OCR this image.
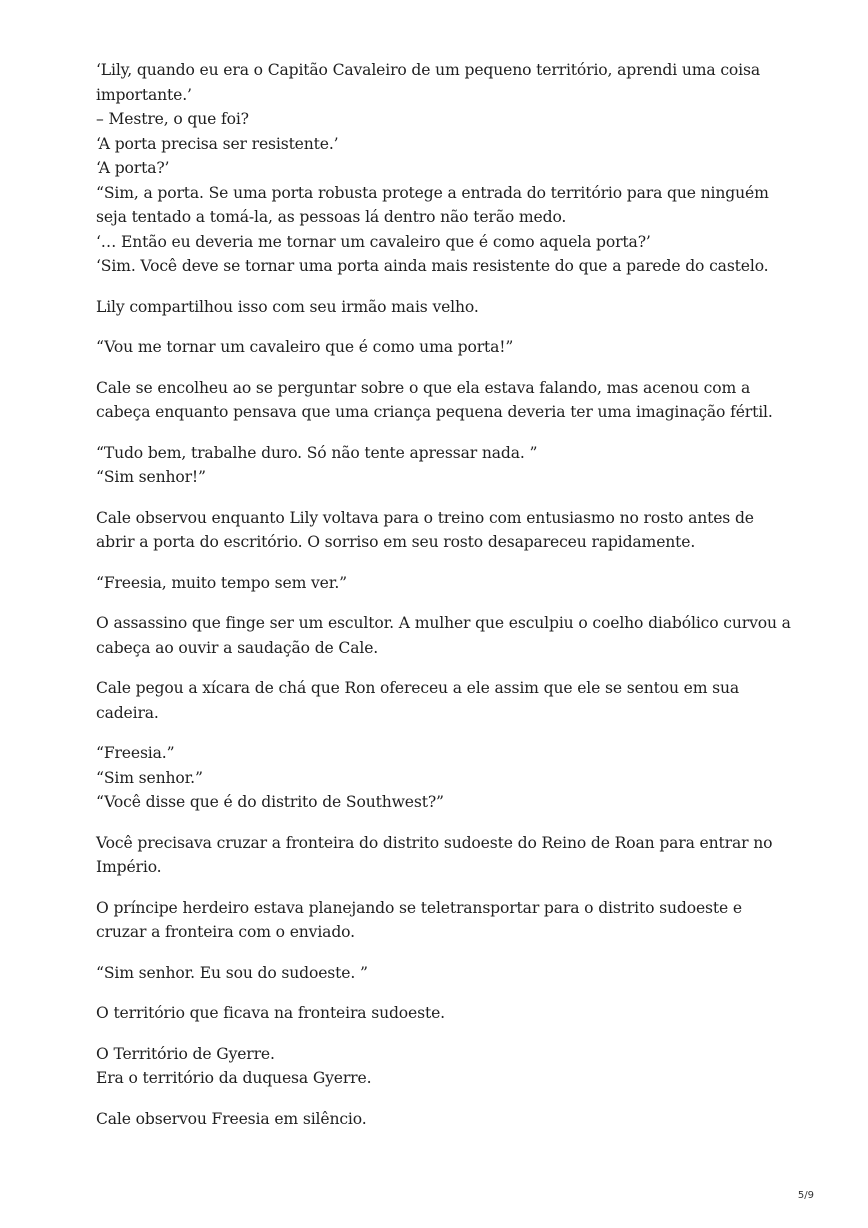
‘Lily, quando eu era o Capitão Cavaleiro de um pequeno território, aprendi uma coisa
importante.’
– Mestre, o que foi?
‘A porta precisa ser resistente.’
‘A porta?’
“Sim, a porta. Se uma porta robusta protege a entrada do território para que ninguém
seja tentado a tomá-la, as pessoas lá dentro não terão medo.
‘… Então eu deveria me tornar um cavaleiro que é como aquela porta?’
‘Sim. Você deve se tornar uma porta ainda mais resistente do que a parede do castelo.

Lily compartilhou isso com seu irmão mais velho.

“Vou me tornar um cavaleiro que é como uma porta!”

Cale se encolheu ao se perguntar sobre o que ela estava falando, mas acenou com a
cabeça enquanto pensava que uma criança pequena deveria ter uma imaginação fértil.

“Tudo bem, trabalhe duro. Só não tente apressar nada. ”
“Sim senhor!”

Cale observou enquanto Lily voltava para o treino com entusiasmo no rosto antes de
abrir a porta do escritório. O sorriso em seu rosto desapareceu rapidamente.

“Freesia, muito tempo sem ver.”

O assassino que finge ser um escultor. A mulher que esculpiu o coelho diabólico curvou a
cabeça ao ouvir a saudação de Cale.

Cale pegou a xícara de chá que Ron ofereceu a ele assim que ele se sentou em sua
cadeira.

“Freesia.”
“Sim senhor.”
“Você disse que é do distrito de Southwest?”

Você precisava cruzar a fronteira do distrito sudoeste do Reino de Roan para entrar no
Império.

O príncipe herdeiro estava planejando se teletransportar para o distrito sudoeste e
cruzar a fronteira com o enviado.

“Sim senhor. Eu sou do sudoeste. ”

O território que ficava na fronteira sudoeste.

O Território de Gyerre.
Era o território da duquesa Gyerre.

Cale observou Freesia em silêncio.

5/9
